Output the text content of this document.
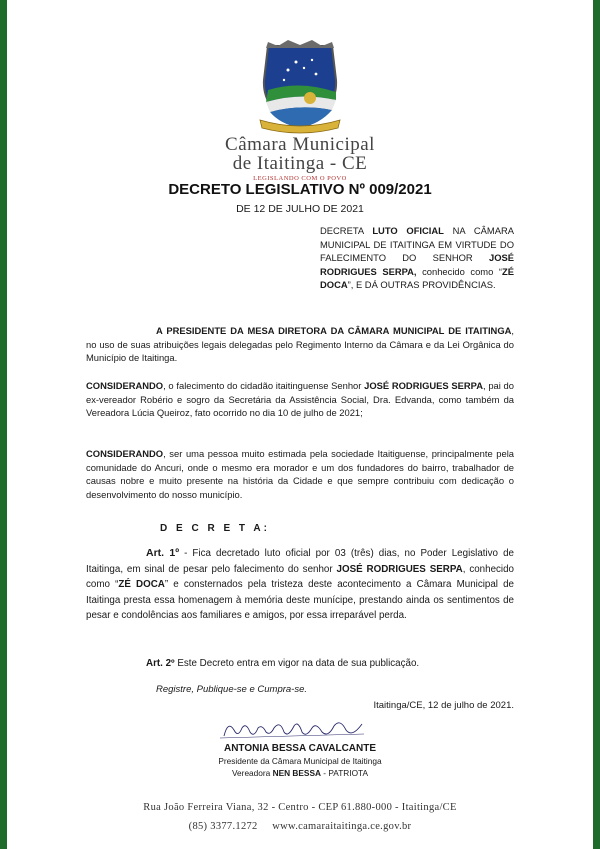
Câmara Municipal
de Itaitinga - CE
LEGISLANDO COM O POVO
DECRETO LEGISLATIVO Nº 009/2021
DE 12 DE JULHO DE 2021
DECRETA LUTO OFICIAL NA CÂMARA MUNICIPAL DE ITAITINGA EM VIRTUDE DO FALECIMENTO DO SENHOR JOSÉ RODRIGUES SERPA, conhecido como “ZÉ DOCA”, E DÁ OUTRAS PROVIDÊNCIAS.
A PRESIDENTE DA MESA DIRETORA DA CÂMARA MUNICIPAL DE ITAITINGA, no uso de suas atribuições legais delegadas pelo Regimento Interno da Câmara e da Lei Orgânica do Município de Itaitinga.
CONSIDERANDO, o falecimento do cidadão itaitinguense Senhor JOSÉ RODRIGUES SERPA, pai do ex-vereador Robério e sogro da Secretária da Assistência Social, Dra. Edvanda, como também da Vereadora Lúcia Queiroz, fato ocorrido no dia 10 de julho de 2021;
CONSIDERANDO, ser uma pessoa muito estimada pela sociedade Itaitiguense, principalmente pela comunidade do Ancuri, onde o mesmo era morador e um dos fundadores do bairro, trabalhador de causas nobre e muito presente na história da Cidade e que sempre contribuiu com dedicação o desenvolvimento do nosso município.
D E C R E T A:
Art. 1º - Fica decretado luto oficial por 03 (três) dias, no Poder Legislativo de Itaitinga, em sinal de pesar pelo falecimento do senhor JOSÉ RODRIGUES SERPA, conhecido como “ZÉ DOCA” e consternados pela tristeza deste acontecimento a Câmara Municipal de Itaitinga presta essa homenagem à memória deste munícipe, prestando ainda os sentimentos de pesar e condolências aos familiares e amigos, por essa irreparável perda.
Art. 2º Este Decreto entra em vigor na data de sua publicação.
Registre, Publique-se e Cumpra-se.
Itaitinga/CE, 12 de julho de 2021.
ANTONIA BESSA CAVALCANTE
Presidente da Câmara Municipal de Itaitinga
Vereadora NEN BESSA - PATRIOTA
Rua João Ferreira Viana, 32 - Centro - CEP 61.880-000 - Itaitinga/CE
(85) 3377.1272     www.camaraitaitinga.ce.gov.br
